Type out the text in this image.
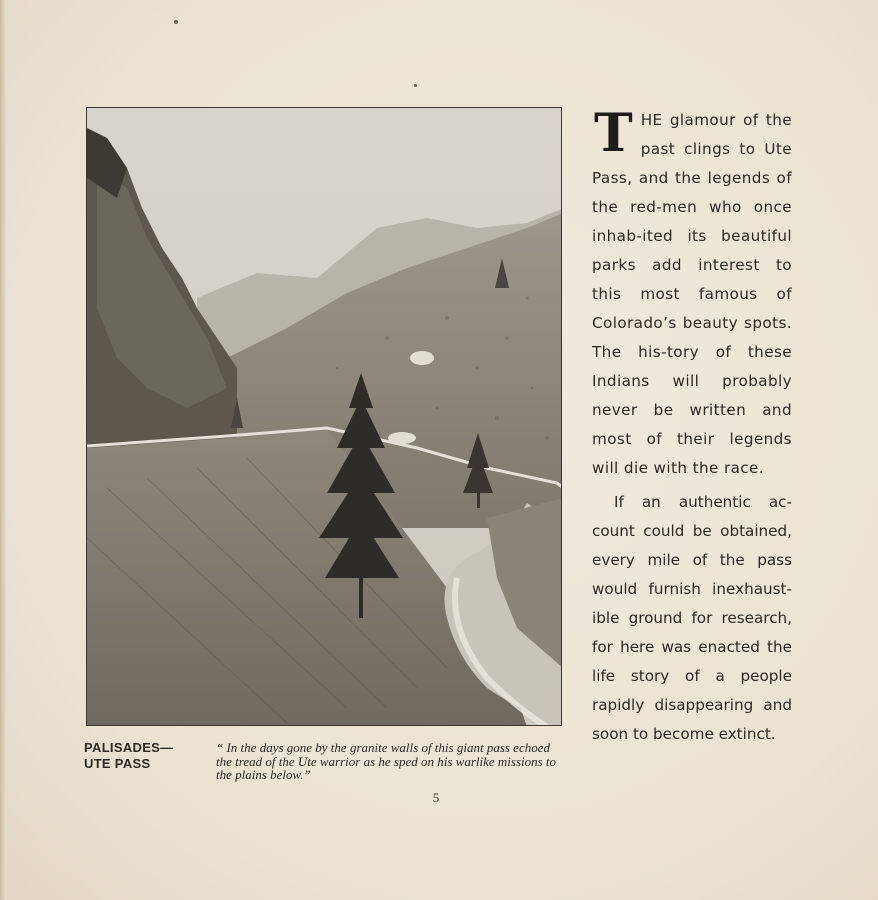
PALISADES—
UTE PASS
“ In the days gone by the granite walls of this giant pass echoed the tread of the Ute warrior as he sped on his warlike missions to the plains below.”
5

THE glamour of the past clings to Ute Pass, and the legends of the red-men who once inhab-ited its beautiful parks add interest to this most famous of Colorado’s beauty spots. The his-tory of these Indians will probably never be written and most of their legends will die with the race.

If an authentic ac-count could be obtained, every mile of the pass would furnish inexhaust-ible ground for research, for here was enacted the life story of a people rapidly disappearing and soon to become extinct.
